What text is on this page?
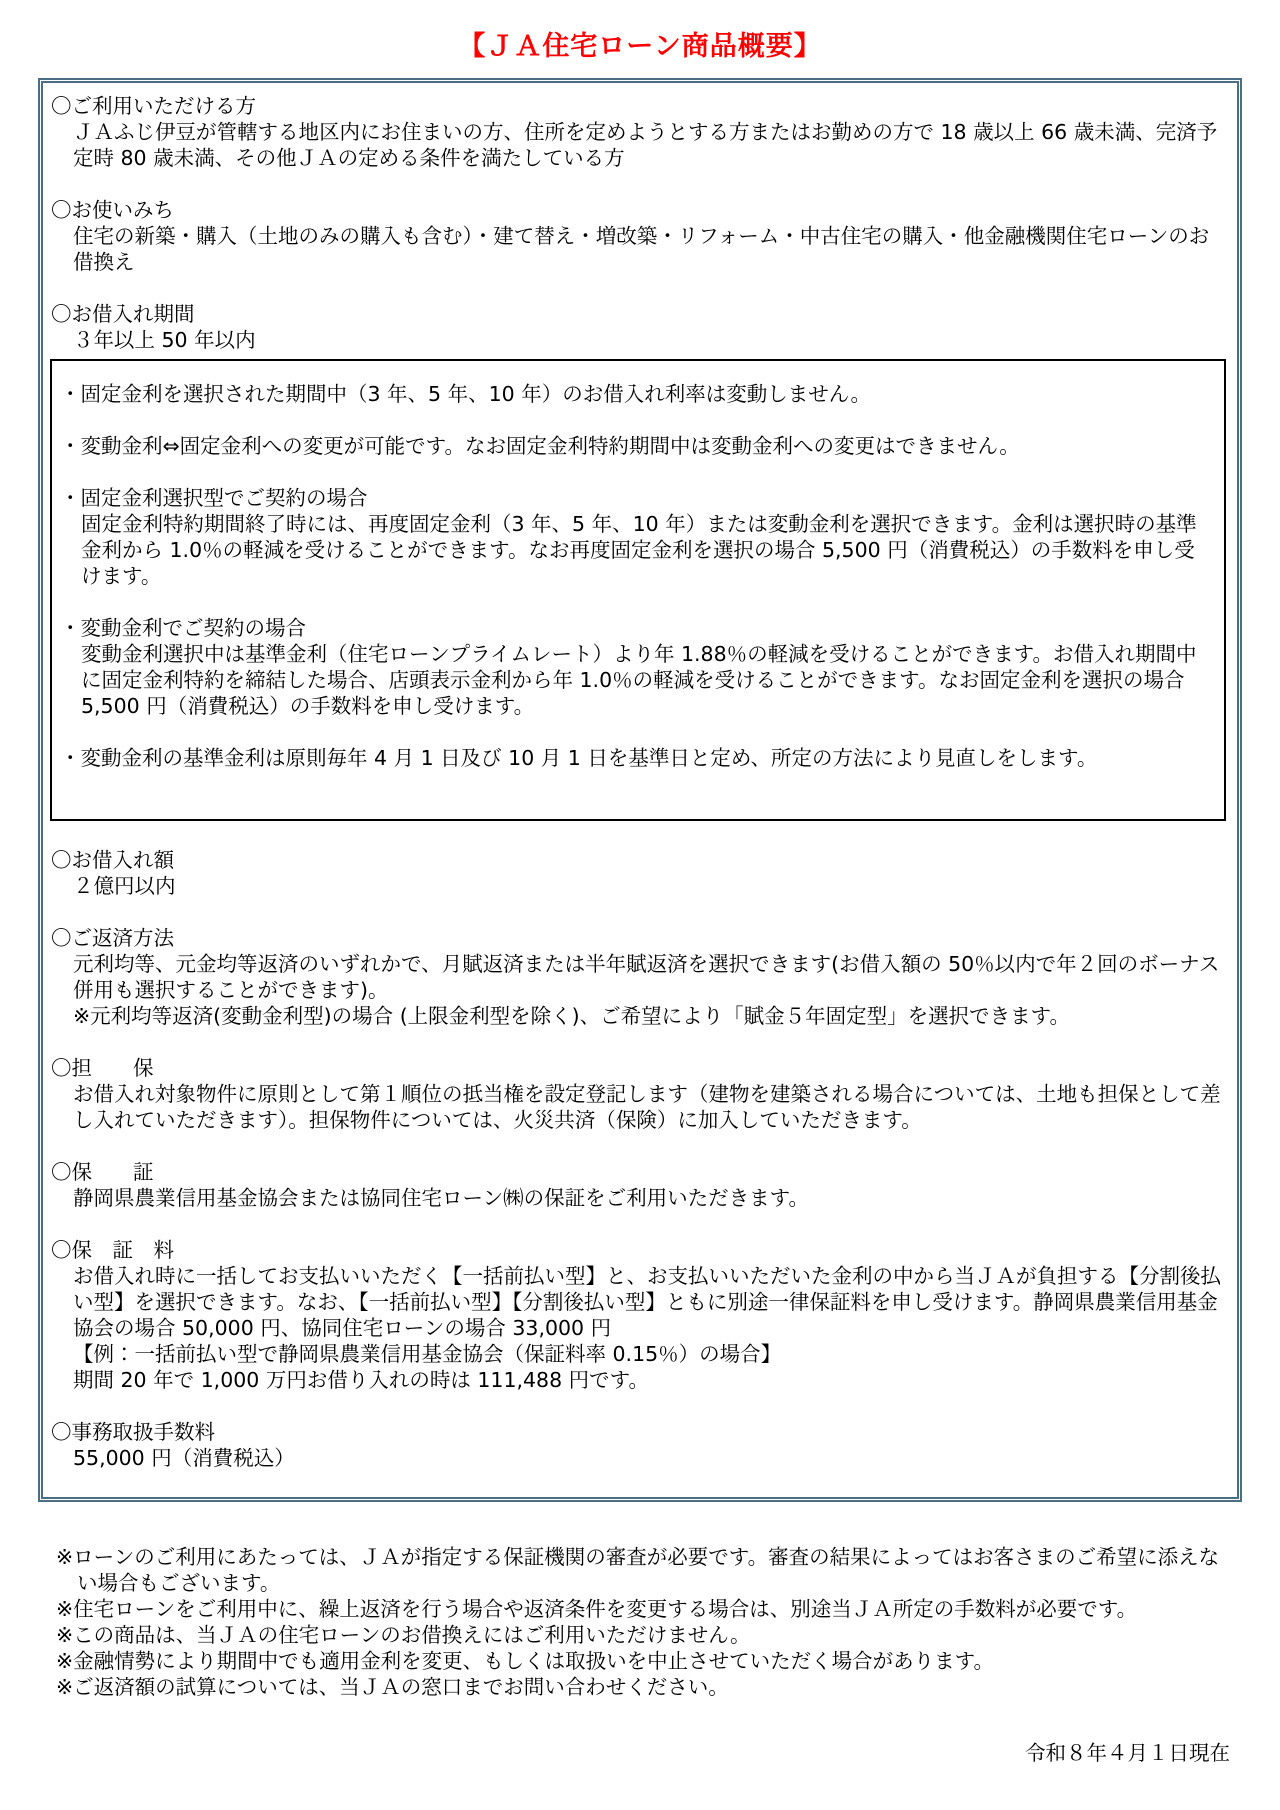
【ＪＡ住宅ローン商品概要】
〇ご利用いただける方

ＪＡふじ伊豆が管轄する地区内にお住まいの方、住所を定めようとする方またはお勤めの方で 18 歳以上 66 歳未満、完済予定時 80 歳未満、その他ＪＡの定める条件を満たしている方

〇お使いみち

住宅の新築・購入（土地のみの購入も含む）・建て替え・増改築・リフォーム・中古住宅の購入・他金融機関住宅ローンのお借換え

〇お借入れ期間

３年以上 50 年以内

・固定金利を選択された期間中（3 年、5 年、10 年）のお借入れ利率は変動しません。
・変動金利⇔固定金利への変更が可能です。なお固定金利特約期間中は変動金利への変更はできません。
・固定金利選択型でご契約の場合
固定金利特約期間終了時には、再度固定金利（3 年、5 年、10 年）または変動金利を選択できます。金利は選択時の基準金利から 1.0％の軽減を受けることができます。なお再度固定金利を選択の場合 5,500 円（消費税込）の手数料を申し受けます。
・変動金利でご契約の場合
変動金利選択中は基準金利（住宅ローンプライムレート）より年 1.88％の軽減を受けることができます。お借入れ期間中に固定金利特約を締結した場合、店頭表示金利から年 1.0％の軽減を受けることができます。なお固定金利を選択の場合 5,500 円（消費税込）の手数料を申し受けます。
・変動金利の基準金利は原則毎年 4 月 1 日及び 10 月 1 日を基準日と定め、所定の方法により見直しをします。
〇お借入れ額

２億円以内

〇ご返済方法

元利均等、元金均等返済のいずれかで、月賦返済または半年賦返済を選択できます(お借入額の 50％以内で年２回のボーナス併用も選択することができます)。

※元利均等返済(変動金利型)の場合 (上限金利型を除く)、ご希望により「賦金５年固定型」を選択できます。

〇担　　保

お借入れ対象物件に原則として第１順位の抵当権を設定登記します（建物を建築される場合については、土地も担保として差し入れていただきます）。担保物件については、火災共済（保険）に加入していただきます。

〇保　　証

静岡県農業信用基金協会または協同住宅ローン㈱の保証をご利用いただきます。

〇保　証　料

お借入れ時に一括してお支払いいただく【一括前払い型】と、お支払いいただいた金利の中から当ＪＡが負担する【分割後払い型】を選択できます。なお、【一括前払い型】【分割後払い型】ともに別途一律保証料を申し受けます。静岡県農業信用基金協会の場合 50,000 円、協同住宅ローンの場合 33,000 円

【例：一括前払い型で静岡県農業信用基金協会（保証料率 0.15％）の場合】

期間 20 年で 1,000 万円お借り入れの時は 111,488 円です。

〇事務取扱手数料

55,000 円（消費税込）

※ローンのご利用にあたっては、ＪＡが指定する保証機関の審査が必要です。審査の結果によってはお客さまのご希望に添えない場合もございます。

※住宅ローンをご利用中に、繰上返済を行う場合や返済条件を変更する場合は、別途当ＪＡ所定の手数料が必要です。

※この商品は、当ＪＡの住宅ローンのお借換えにはご利用いただけません。

※金融情勢により期間中でも適用金利を変更、もしくは取扱いを中止させていただく場合があります。

※ご返済額の試算については、当ＪＡの窓口までお問い合わせください。

令和８年４月１日現在
